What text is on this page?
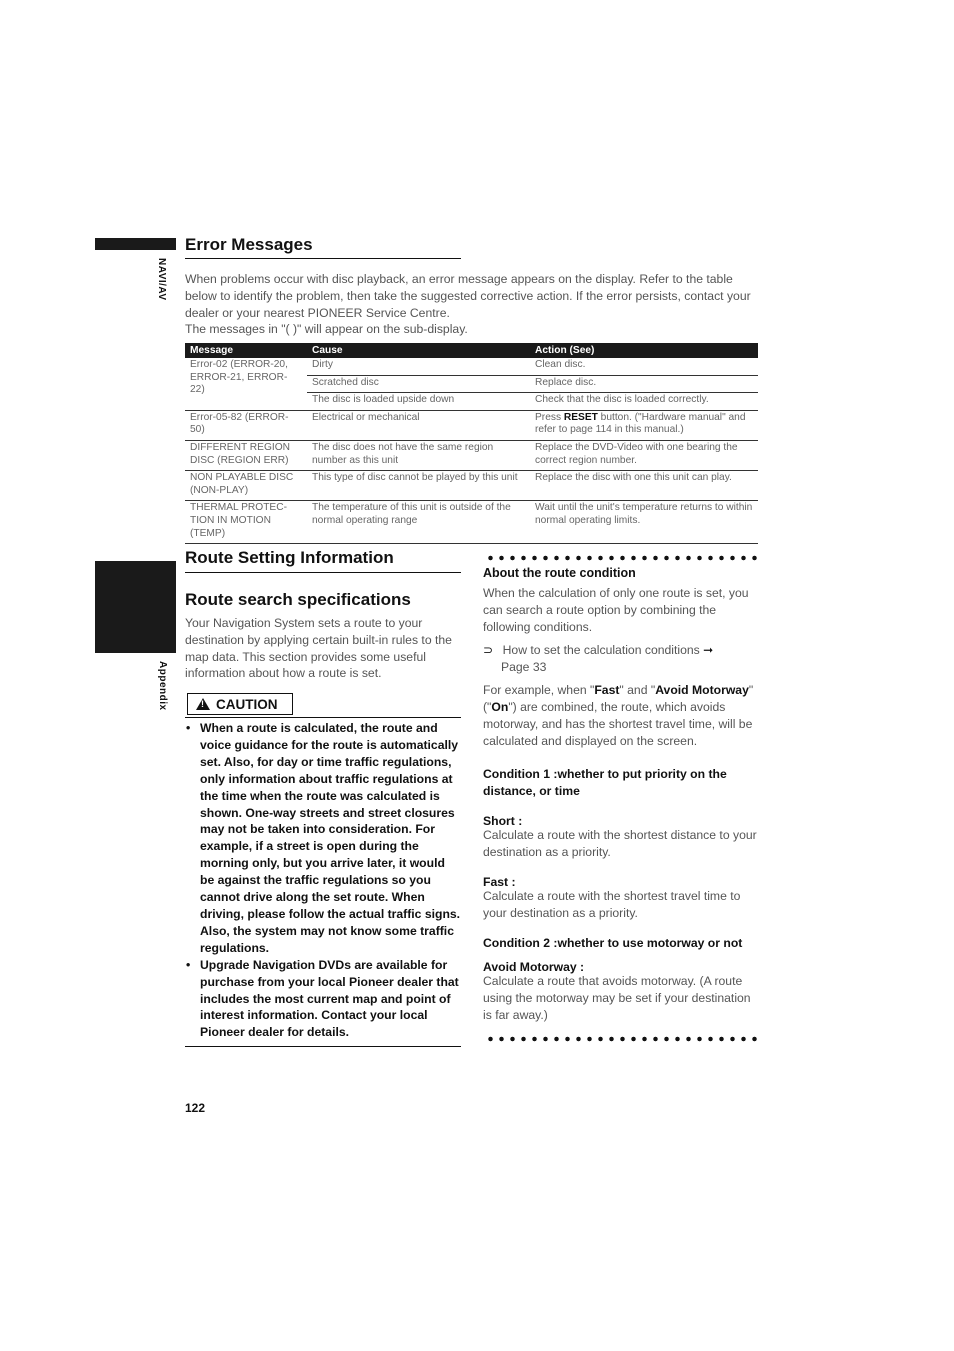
NAVI/AV
Appendix
Error Messages
When problems occur with disc playback, an error message appears on the display. Refer to the table below to identify the problem, then take the suggested corrective action. If the error persists, contact your dealer or your nearest PIONEER Service Centre.
The messages in "( )" will appear on the sub-display.
Message	Cause	Action (See)
Error-02 (ERROR-20, ERROR-21, ERROR-22)	Dirty	Clean disc.
	Scratched disc	Replace disc.
	The disc is loaded upside down	Check that the disc is loaded correctly.
Error-05-82 (ERROR-50)	Electrical or mechanical	Press RESET button. ("Hardware manual" and refer to page 114 in this manual.)
DIFFERENT REGION DISC (REGION ERR)	The disc does not have the same region number as this unit	Replace the DVD-Video with one bearing the correct region number.
NON PLAYABLE DISC (NON-PLAY)	This type of disc cannot be played by this unit	Replace the disc with one this unit can play.
THERMAL PROTEC-TION IN MOTION (TEMP)	The temperature of this unit is outside of the normal operating range	Wait until the unit's temperature returns to within normal operating limits.
Route Setting Information
Route search specifications
Your Navigation System sets a route to your destination by applying certain built-in rules to the map data. This section provides some useful information about how a route is set.
!
CAUTION
• When a route is calculated, the route and voice guidance for the route is automatically set. Also, for day or time traffic regulations, only information about traffic regulations at the time when the route was calculated is shown. One-way streets and street closures may not be taken into consideration. For example, if a street is open during the morning only, but you arrive later, it would be against the traffic regulations so you cannot drive along the set route. When driving, please follow the actual traffic signs. Also, the system may not know some traffic regulations.
• Upgrade Navigation DVDs are available for purchase from your local Pioneer dealer that includes the most current map and point of interest information. Contact your local Pioneer dealer for details.
About the route condition
When the calculation of only one route is set, you can search a route option by combining the following conditions.
⊃ How to set the calculation conditions ➞
Page 33
For example, when "Fast" and "Avoid Motorway" ("On") are combined, the route, which avoids motorway, and has the shortest travel time, will be calculated and displayed on the screen.
Condition 1 :whether to put priority on the distance, or time
Short :
Calculate a route with the shortest distance to your destination as a priority.
Fast :
Calculate a route with the shortest travel time to your destination as a priority.
Condition 2 :whether to use motorway or not
Avoid Motorway :
Calculate a route that avoids motorway. (A route using the motorway may be set if your destination is far away.)
122
